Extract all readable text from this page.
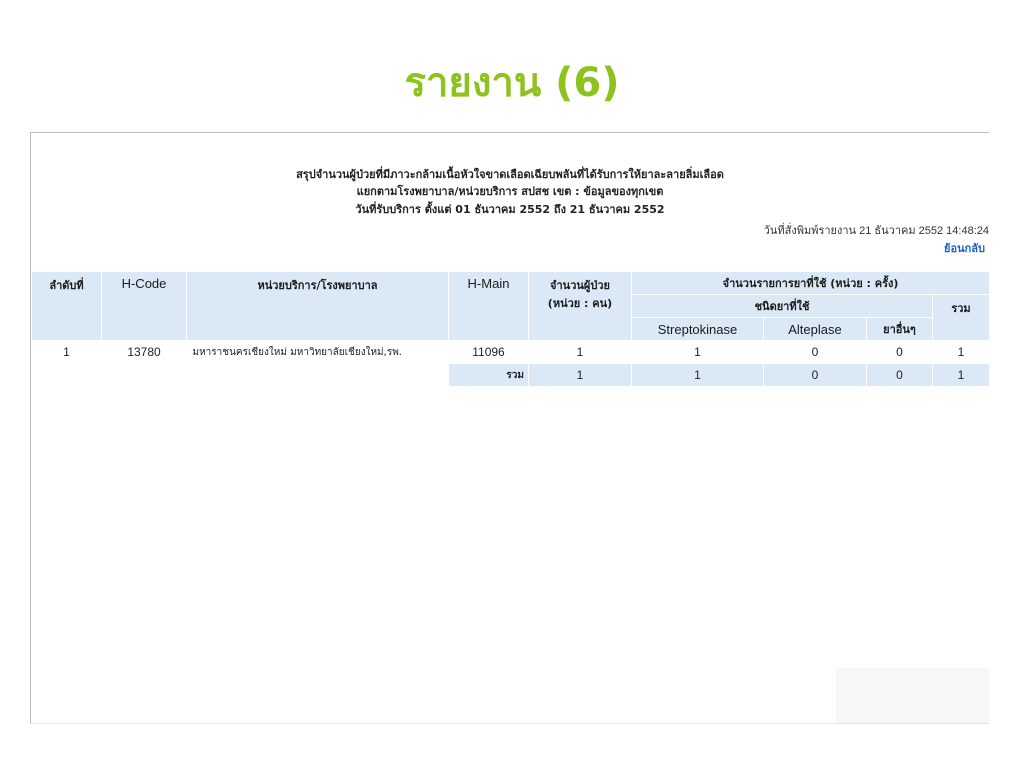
รายงาน (6)
สรุปจำนวนผู้ป่วยที่มีภาวะกล้ามเนื้อหัวใจขาดเลือดเฉียบพลันที่ได้รับการให้ยาละลายลิ่มเลือด
แยกตามโรงพยาบาล/หน่วยบริการ สปสช เขต : ข้อมูลของทุกเขต
วันที่รับบริการ ตั้งแต่ 01 ธันวาคม 2552 ถึง 21 ธันวาคม 2552
วันที่สั่งพิมพ์รายงาน 21 ธันวาคม 2552 14:48:24
ย้อนกลับ
ลำดับที่	H-Code	หน่วยบริการ/โรงพยาบาล	H-Main	จำนวนผู้ป่วย
(หน่วย : คน)	จำนวนรายการยาที่ใช้ (หน่วย : ครั้ง)			
					ชนิดยาที่ใช้			รวม
					Streptokinase	Alteplase	ยาอื่นๆ	
1	13780	มหาราชนครเชียงใหม่ มหาวิทยาลัยเชียงใหม่,รพ.	11096	1	1	0	0	1
			รวม	1	1	0	0	1
